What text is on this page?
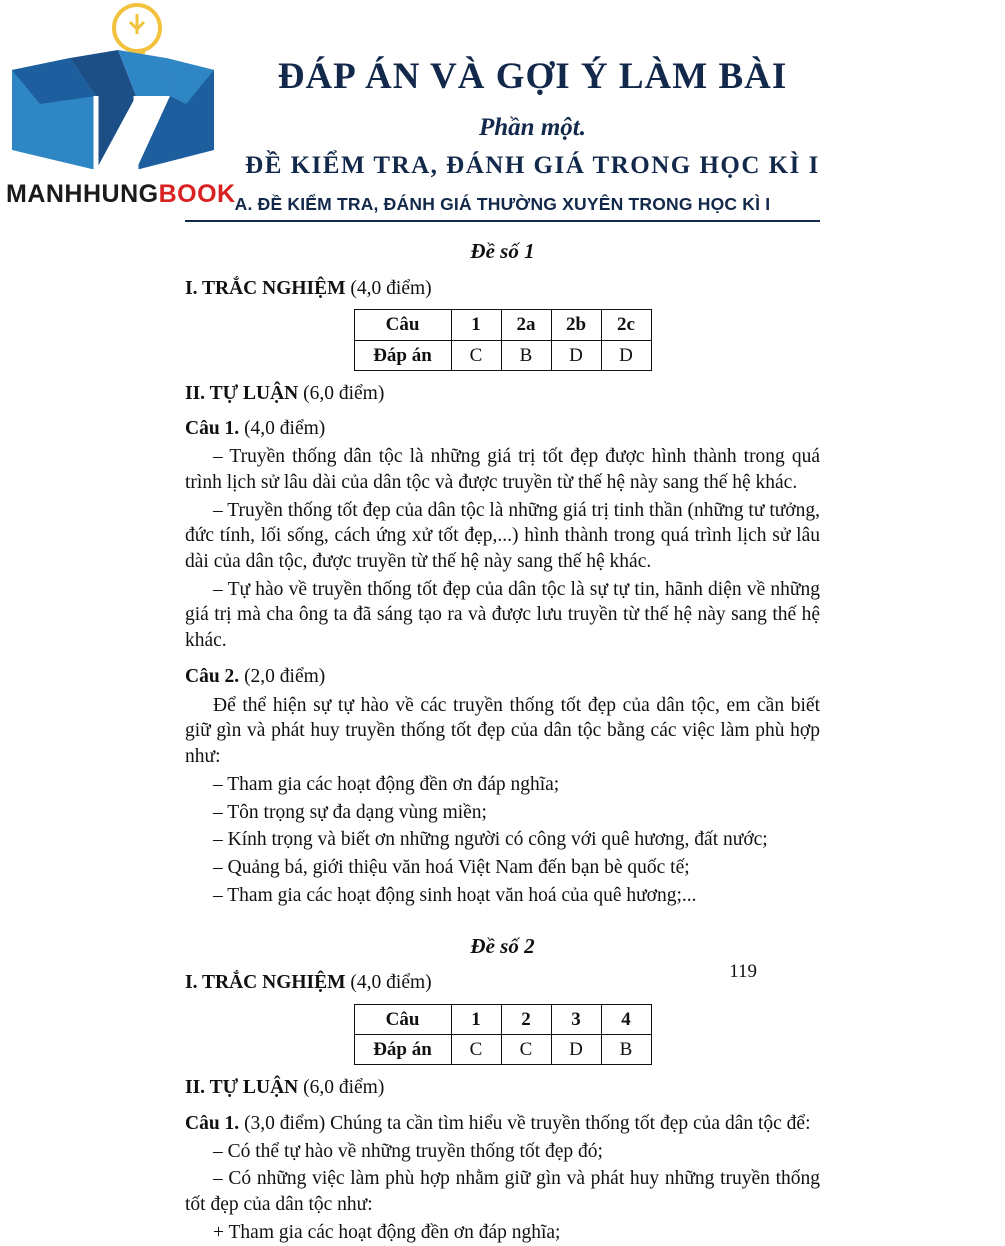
ĐÁP ÁN VÀ GỢI Ý LÀM BÀI
Phần một.
ĐỀ KIỂM TRA, ĐÁNH GIÁ TRONG HỌC KÌ I
A. ĐỀ KIỂM TRA, ĐÁNH GIÁ THƯỜNG XUYÊN TRONG HỌC KÌ I
Đề số 1
I. TRẮC NGHIỆM (4,0 điểm)
Câu	1	2a	2b	2c
Đáp án	C	B	D	D
II. TỰ LUẬN (6,0 điểm)
Câu 1. (4,0 điểm)
– Truyền thống dân tộc là những giá trị tốt đẹp được hình thành trong quá trình lịch sử lâu dài của dân tộc và được truyền từ thế hệ này sang thế hệ khác.
– Truyền thống tốt đẹp của dân tộc là những giá trị tinh thần (những tư tưởng, đức tính, lối sống, cách ứng xử tốt đẹp,...) hình thành trong quá trình lịch sử lâu dài của dân tộc, được truyền từ thế hệ này sang thế hệ khác.
– Tự hào về truyền thống tốt đẹp của dân tộc là sự tự tin, hãnh diện về những giá trị mà cha ông ta đã sáng tạo ra và được lưu truyền từ thế hệ này sang thế hệ khác.
Câu 2. (2,0 điểm)
Để thể hiện sự tự hào về các truyền thống tốt đẹp của dân tộc, em cần biết giữ gìn và phát huy truyền thống tốt đẹp của dân tộc bằng các việc làm phù hợp như:
– Tham gia các hoạt động đền ơn đáp nghĩa;
– Tôn trọng sự đa dạng vùng miền;
– Kính trọng và biết ơn những người có công với quê hương, đất nước;
– Quảng bá, giới thiệu văn hoá Việt Nam đến bạn bè quốc tế;
– Tham gia các hoạt động sinh hoạt văn hoá của quê hương;...
Đề số 2
I. TRẮC NGHIỆM (4,0 điểm)
Câu	1	2	3	4
Đáp án	C	C	D	B
II. TỰ LUẬN (6,0 điểm)
Câu 1. (3,0 điểm) Chúng ta cần tìm hiểu về truyền thống tốt đẹp của dân tộc để:
– Có thể tự hào về những truyền thống tốt đẹp đó;
– Có những việc làm phù hợp nhằm giữ gìn và phát huy những truyền thống tốt đẹp của dân tộc như:
+ Tham gia các hoạt động đền ơn đáp nghĩa;
119
MANHHUNGBOOK
